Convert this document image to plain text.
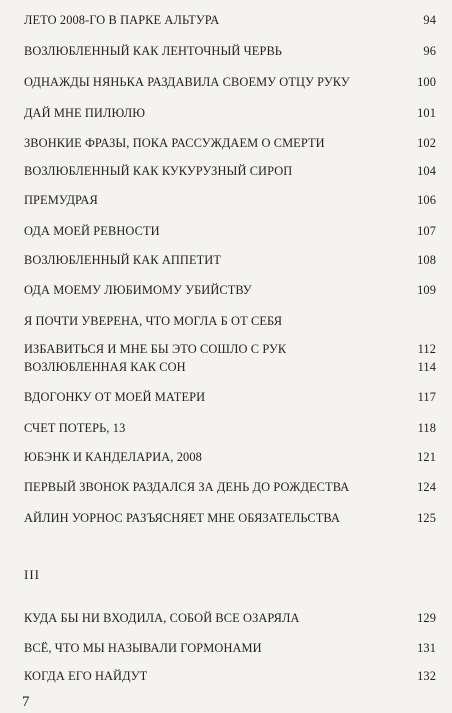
ЛЕТО 2008-ГО В ПАРКЕ АЛЬТУРА	94
ВОЗЛЮБЛЕННЫЙ КАК ЛЕНТОЧНЫЙ ЧЕРВЬ	96
ОДНАЖДЫ НЯНЬКА РАЗДАВИЛА СВОЕМУ ОТЦУ РУКУ	100
ДАЙ МНЕ ПИЛЮЛЮ	101
ЗВОНКИЕ ФРАЗЫ, ПОКА РАССУЖДАЕМ О СМЕРТИ	102
ВОЗЛЮБЛЕННЫЙ КАК КУКУРУЗНЫЙ СИРОП	104
ПРЕМУДРАЯ	106
ОДА МОЕЙ РЕВНОСТИ	107
ВОЗЛЮБЛЕННЫЙ КАК АППЕТИТ	108
ОДА МОЕМУ ЛЮБИМОМУ УБИЙСТВУ	109
Я ПОЧТИ УВЕРЕНА, ЧТО МОГЛА Б ОТ СЕБЯ
ИЗБАВИТЬСЯ И МНЕ БЫ ЭТО СОШЛО С РУК	112
ВОЗЛЮБЛЕННАЯ КАК СОН	114
ВДОГОНКУ ОТ МОЕЙ МАТЕРИ	117
СЧЕТ ПОТЕРЬ, 13	118
ЮБЭНК И КАНДЕЛАРИА, 2008	121
ПЕРВЫЙ ЗВОНОК РАЗДАЛСЯ ЗА ДЕНЬ ДО РОЖДЕСТВА	124
АЙЛИН УОРНОС РАЗЪЯСНЯЕТ МНЕ ОБЯЗАТЕЛЬСТВА	125
III
КУДА БЫ НИ ВХОДИЛА, СОБОЙ ВСЕ ОЗАРЯЛА	129
ВСЁ, ЧТО МЫ НАЗЫВАЛИ ГОРМОНАМИ	131
КОГДА ЕГО НАЙДУТ	132
7
